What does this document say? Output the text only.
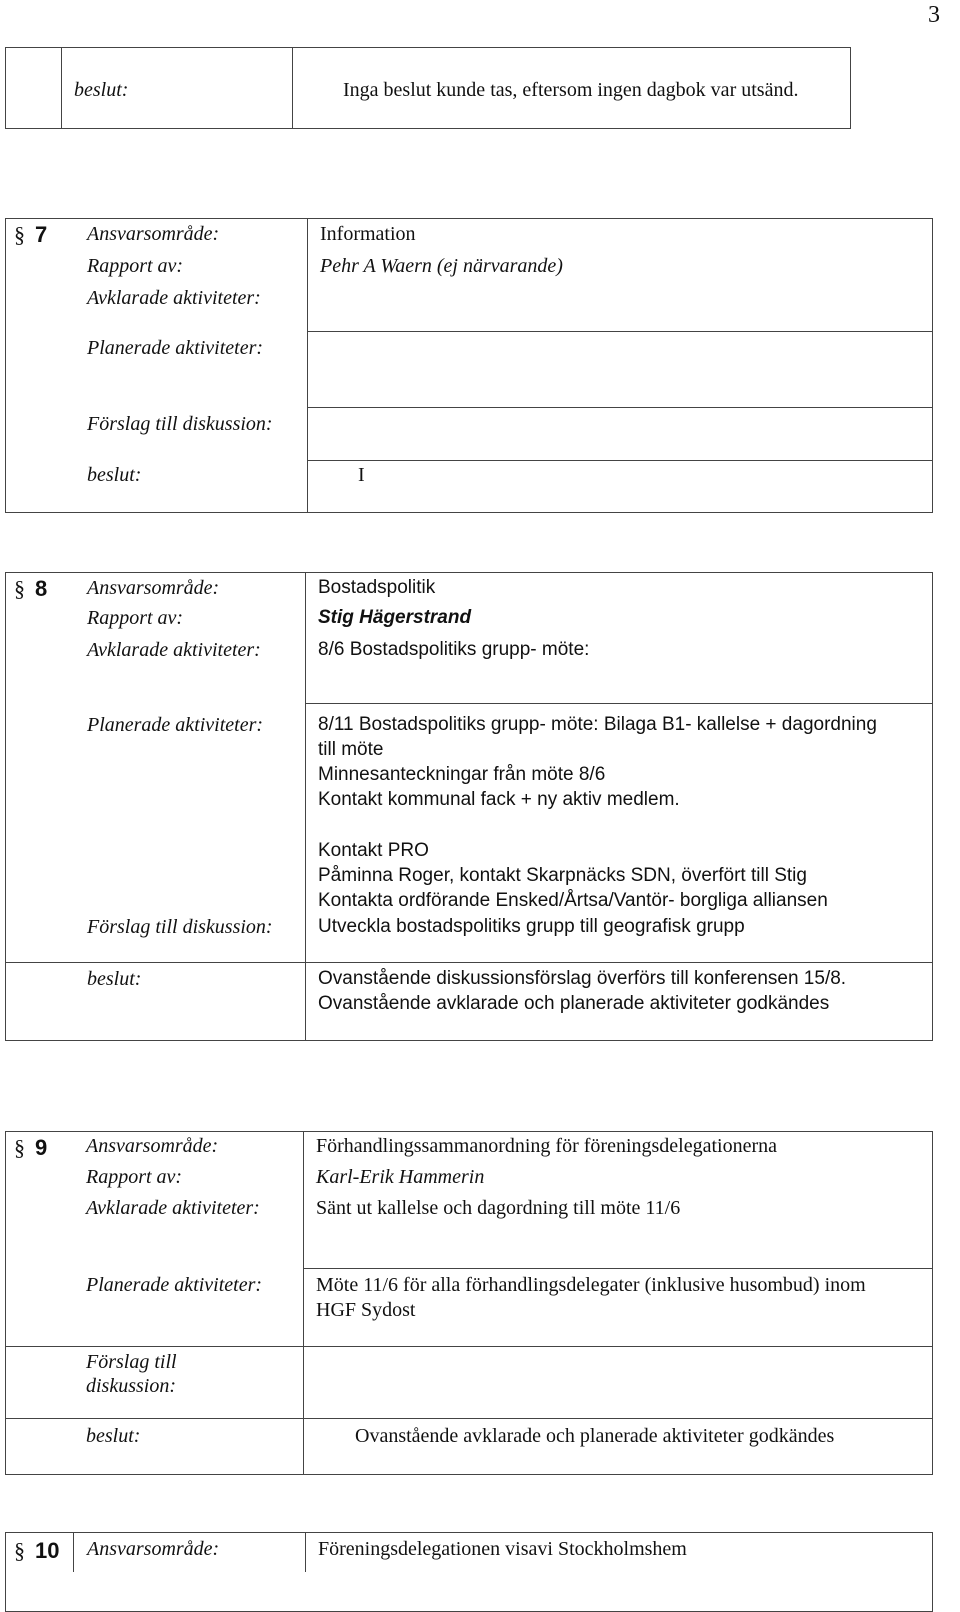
3
beslut:	Inga beslut kunde tas, eftersom ingen dagbok var utsänd.
§ 7 Ansvarsområde:	Information
Rapport av:	Pehr A Waern (ej närvarande)
Avklarade aktiviteter:
Planerade aktiviteter:
Förslag till diskussion:
beslut:	I
§ 8 Ansvarsområde:	Bostadspolitik
Rapport av:	Stig Hägerstrand
Avklarade aktiviteter:	8/6 Bostadspolitiks grupp- möte:
Planerade aktiviteter:	8/11 Bostadspolitiks grupp- möte: Bilaga B1- kallelse + dagordning
till möte
Minnesanteckningar från möte 8/6
Kontakt kommunal fack + ny aktiv medlem.
Kontakt PRO
Påminna Roger, kontakt Skarpnäcks SDN, överfört till Stig
Kontakta ordförande Ensked/Årtsa/Vantör- borgliga alliansen
Förslag till diskussion: Utveckla bostadspolitiks grupp till geografisk grupp
beslut:	Ovanstående diskussionsförslag överförs till konferensen 15/8.
Ovanstående avklarade och planerade aktiviteter godkändes
§ 9 Ansvarsområde:	Förhandlingssammanordning för föreningsdelegationerna
Rapport av:	Karl-Erik Hammerin
Avklarade aktiviteter:	Sänt ut kallelse och dagordning till möte 11/6
Planerade aktiviteter:	Möte 11/6 för alla förhandlingsdelegater (inklusive husombud) inom
HGF Sydost
Förslag till
diskussion:
beslut:	Ovanstående avklarade och planerade aktiviteter godkändes
§ 10 Ansvarsområde:	Föreningsdelegationen visavi Stockholmshem
